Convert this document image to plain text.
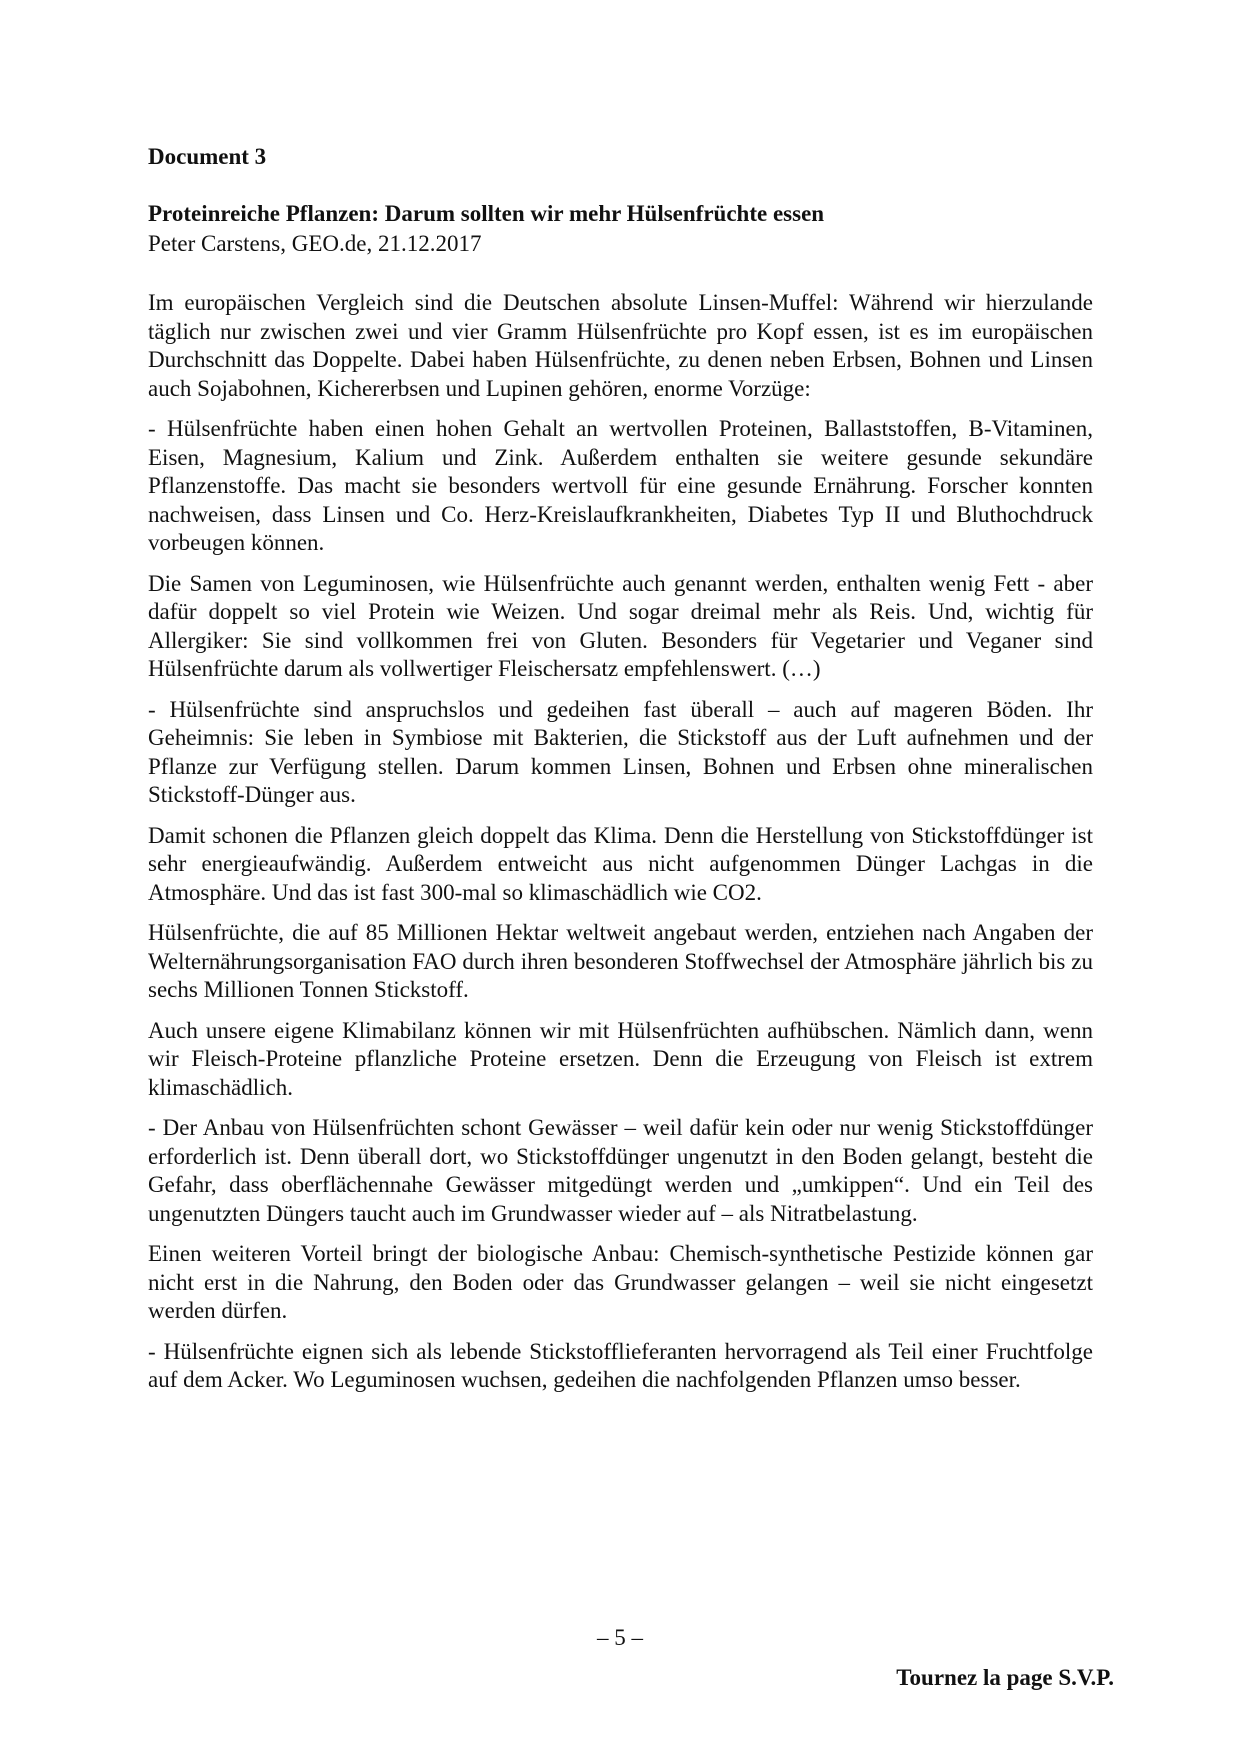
Document 3
Proteinreiche Pflanzen: Darum sollten wir mehr Hülsenfrüchte essen
Peter Carstens, GEO.de, 21.12.2017

Im europäischen Vergleich sind die Deutschen absolute Linsen-Muffel: Während wir hierzulande täglich nur zwischen zwei und vier Gramm Hülsenfrüchte pro Kopf essen, ist es im europäischen Durchschnitt das Doppelte. Dabei haben Hülsenfrüchte, zu denen neben Erbsen, Bohnen und Linsen auch Sojabohnen, Kichererbsen und Lupinen gehören, enorme Vorzüge:

- Hülsenfrüchte haben einen hohen Gehalt an wertvollen Proteinen, Ballaststoffen, B-Vitaminen, Eisen, Magnesium, Kalium und Zink. Außerdem enthalten sie weitere gesunde sekundäre Pflanzenstoffe. Das macht sie besonders wertvoll für eine gesunde Ernährung. Forscher konnten nachweisen, dass Linsen und Co. Herz-Kreislaufkrankheiten, Diabetes Typ II und Bluthochdruck vorbeugen können.

Die Samen von Leguminosen, wie Hülsenfrüchte auch genannt werden, enthalten wenig Fett - aber dafür doppelt so viel Protein wie Weizen. Und sogar dreimal mehr als Reis. Und, wichtig für Allergiker: Sie sind vollkommen frei von Gluten. Besonders für Vegetarier und Veganer sind Hülsenfrüchte darum als vollwertiger Fleischersatz empfehlenswert. (…)

- Hülsenfrüchte sind anspruchslos und gedeihen fast überall – auch auf mageren Böden. Ihr Geheimnis: Sie leben in Symbiose mit Bakterien, die Stickstoff aus der Luft aufnehmen und der Pflanze zur Verfügung stellen. Darum kommen Linsen, Bohnen und Erbsen ohne mineralischen Stickstoff-Dünger aus.

Damit schonen die Pflanzen gleich doppelt das Klima. Denn die Herstellung von Stickstoffdünger ist sehr energieaufwändig. Außerdem entweicht aus nicht aufgenommen Dünger Lachgas in die Atmosphäre. Und das ist fast 300-mal so klimaschädlich wie CO2.

Hülsenfrüchte, die auf 85 Millionen Hektar weltweit angebaut werden, entziehen nach Angaben der Welternährungsorganisation FAO durch ihren besonderen Stoffwechsel der Atmosphäre jährlich bis zu sechs Millionen Tonnen Stickstoff.

Auch unsere eigene Klimabilanz können wir mit Hülsenfrüchten aufhübschen. Nämlich dann, wenn wir Fleisch-Proteine pflanzliche Proteine ersetzen. Denn die Erzeugung von Fleisch ist extrem klimaschädlich.

- Der Anbau von Hülsenfrüchten schont Gewässer – weil dafür kein oder nur wenig Stickstoffdünger erforderlich ist. Denn überall dort, wo Stickstoffdünger ungenutzt in den Boden gelangt, besteht die Gefahr, dass oberflächennahe Gewässer mitgedüngt werden und „umkippen“. Und ein Teil des ungenutzten Düngers taucht auch im Grundwasser wieder auf – als Nitratbelastung.

Einen weiteren Vorteil bringt der biologische Anbau: Chemisch-synthetische Pestizide können gar nicht erst in die Nahrung, den Boden oder das Grundwasser gelangen – weil sie nicht eingesetzt werden dürfen.

- Hülsenfrüchte eignen sich als lebende Stickstofflieferanten hervorragend als Teil einer Fruchtfolge auf dem Acker. Wo Leguminosen wuchsen, gedeihen die nachfolgenden Pflanzen umso besser.

– 5 –
Tournez la page S.V.P.
